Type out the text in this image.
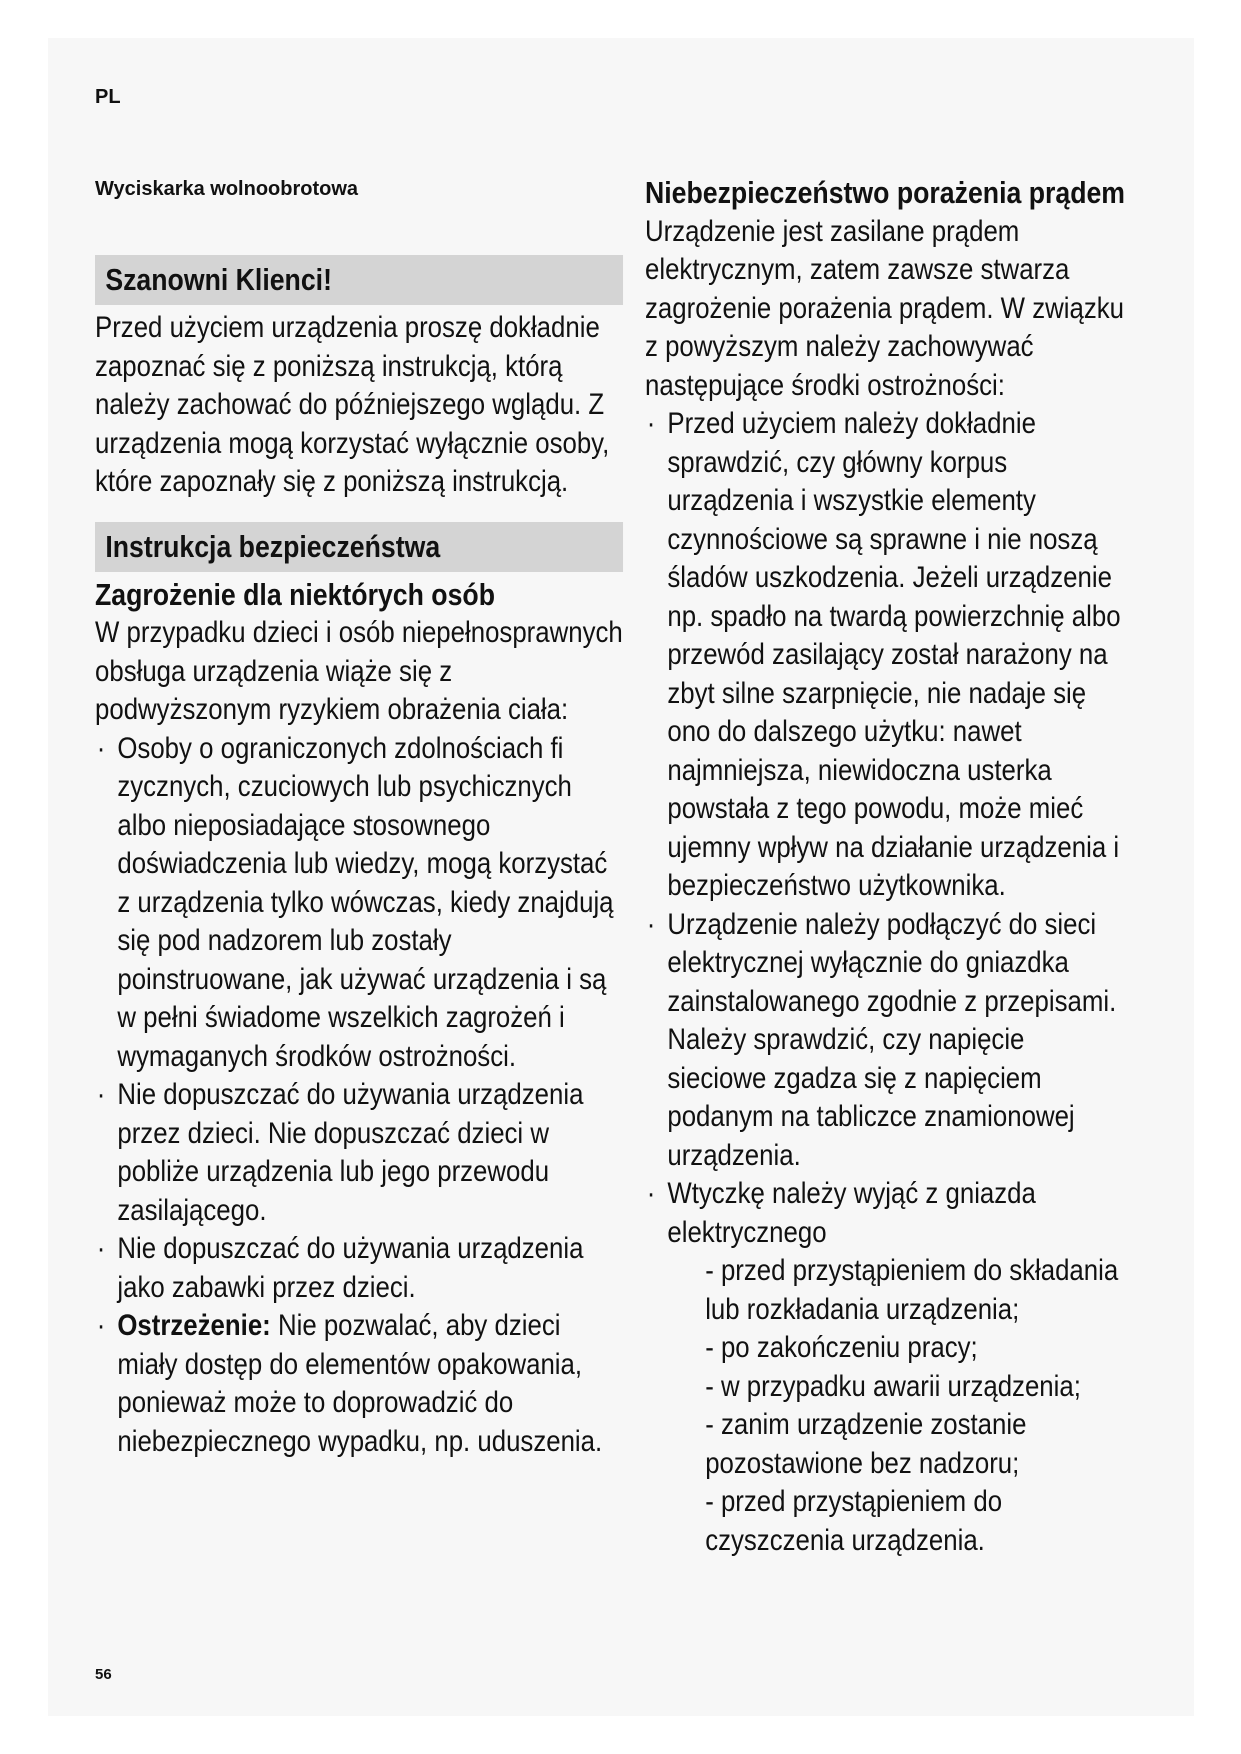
PL
Wyciskarka wolnoobrotowa
Szanowni Klienci!

Przed użyciem urządzenia proszę dokładnie zapoznać się z poniższą instrukcją, którą należy zachować do późniejszego wglądu. Z urządzenia mogą korzystać wyłącznie osoby, które zapoznały się z poniższą instrukcją.

Instrukcja bezpieczeństwa

Zagrożenie dla niektórych osób

W przypadku dzieci i osób niepełnosprawnych obsługa urządzenia wiąże się z podwyższonym ryzykiem obrażenia ciała:

· Osoby o ograniczonych zdolnościach fi zycznych, czuciowych lub psychicznych albo nieposiadające stosownego doświadczenia lub wiedzy, mogą korzystać z urządzenia tylko wówczas, kiedy znajdują się pod nadzorem lub zostały poinstruowane, jak używać urządzenia i są w pełni świadome wszelkich zagrożeń i wymaganych środków ostrożności.
· Nie dopuszczać do używania urządzenia przez dzieci. Nie dopuszczać dzieci w pobliże urządzenia lub jego przewodu zasilającego.
· Nie dopuszczać do używania urządzenia jako zabawki przez dzieci.
· Ostrzeżenie: Nie pozwalać, aby dzieci miały dostęp do elementów opakowania, ponieważ może to doprowadzić do niebezpiecznego wypadku, np. uduszenia.

Niebezpieczeństwo porażenia prądem

Urządzenie jest zasilane prądem elektrycznym, zatem zawsze stwarza zagrożenie porażenia prądem. W związku z powyższym należy zachowywać następujące środki ostrożności:

· Przed użyciem należy dokładnie sprawdzić, czy główny korpus urządzenia i wszystkie elementy czynnościowe są sprawne i nie noszą śladów uszkodzenia. Jeżeli urządzenie np. spadło na twardą powierzchnię albo przewód zasilający został narażony na zbyt silne szarpnięcie, nie nadaje się ono do dalszego użytku: nawet najmniejsza, niewidoczna usterka powstała z tego powodu, może mieć ujemny wpływ na działanie urządzenia i bezpieczeństwo użytkownika.
· Urządzenie należy podłączyć do sieci elektrycznej wyłącznie do gniazdka zainstalowanego zgodnie z przepisami. Należy sprawdzić, czy napięcie sieciowe zgadza się z napięciem podanym na tabliczce znamionowej urządzenia.
· Wtyczkę należy wyjąć z gniazda elektrycznego
- przed przystąpieniem do składania lub rozkładania urządzenia;
- po zakończeniu pracy;
- w przypadku awarii urządzenia;
- zanim urządzenie zostanie pozostawione bez nadzoru;
- przed przystąpieniem do czyszczenia urządzenia.
56
